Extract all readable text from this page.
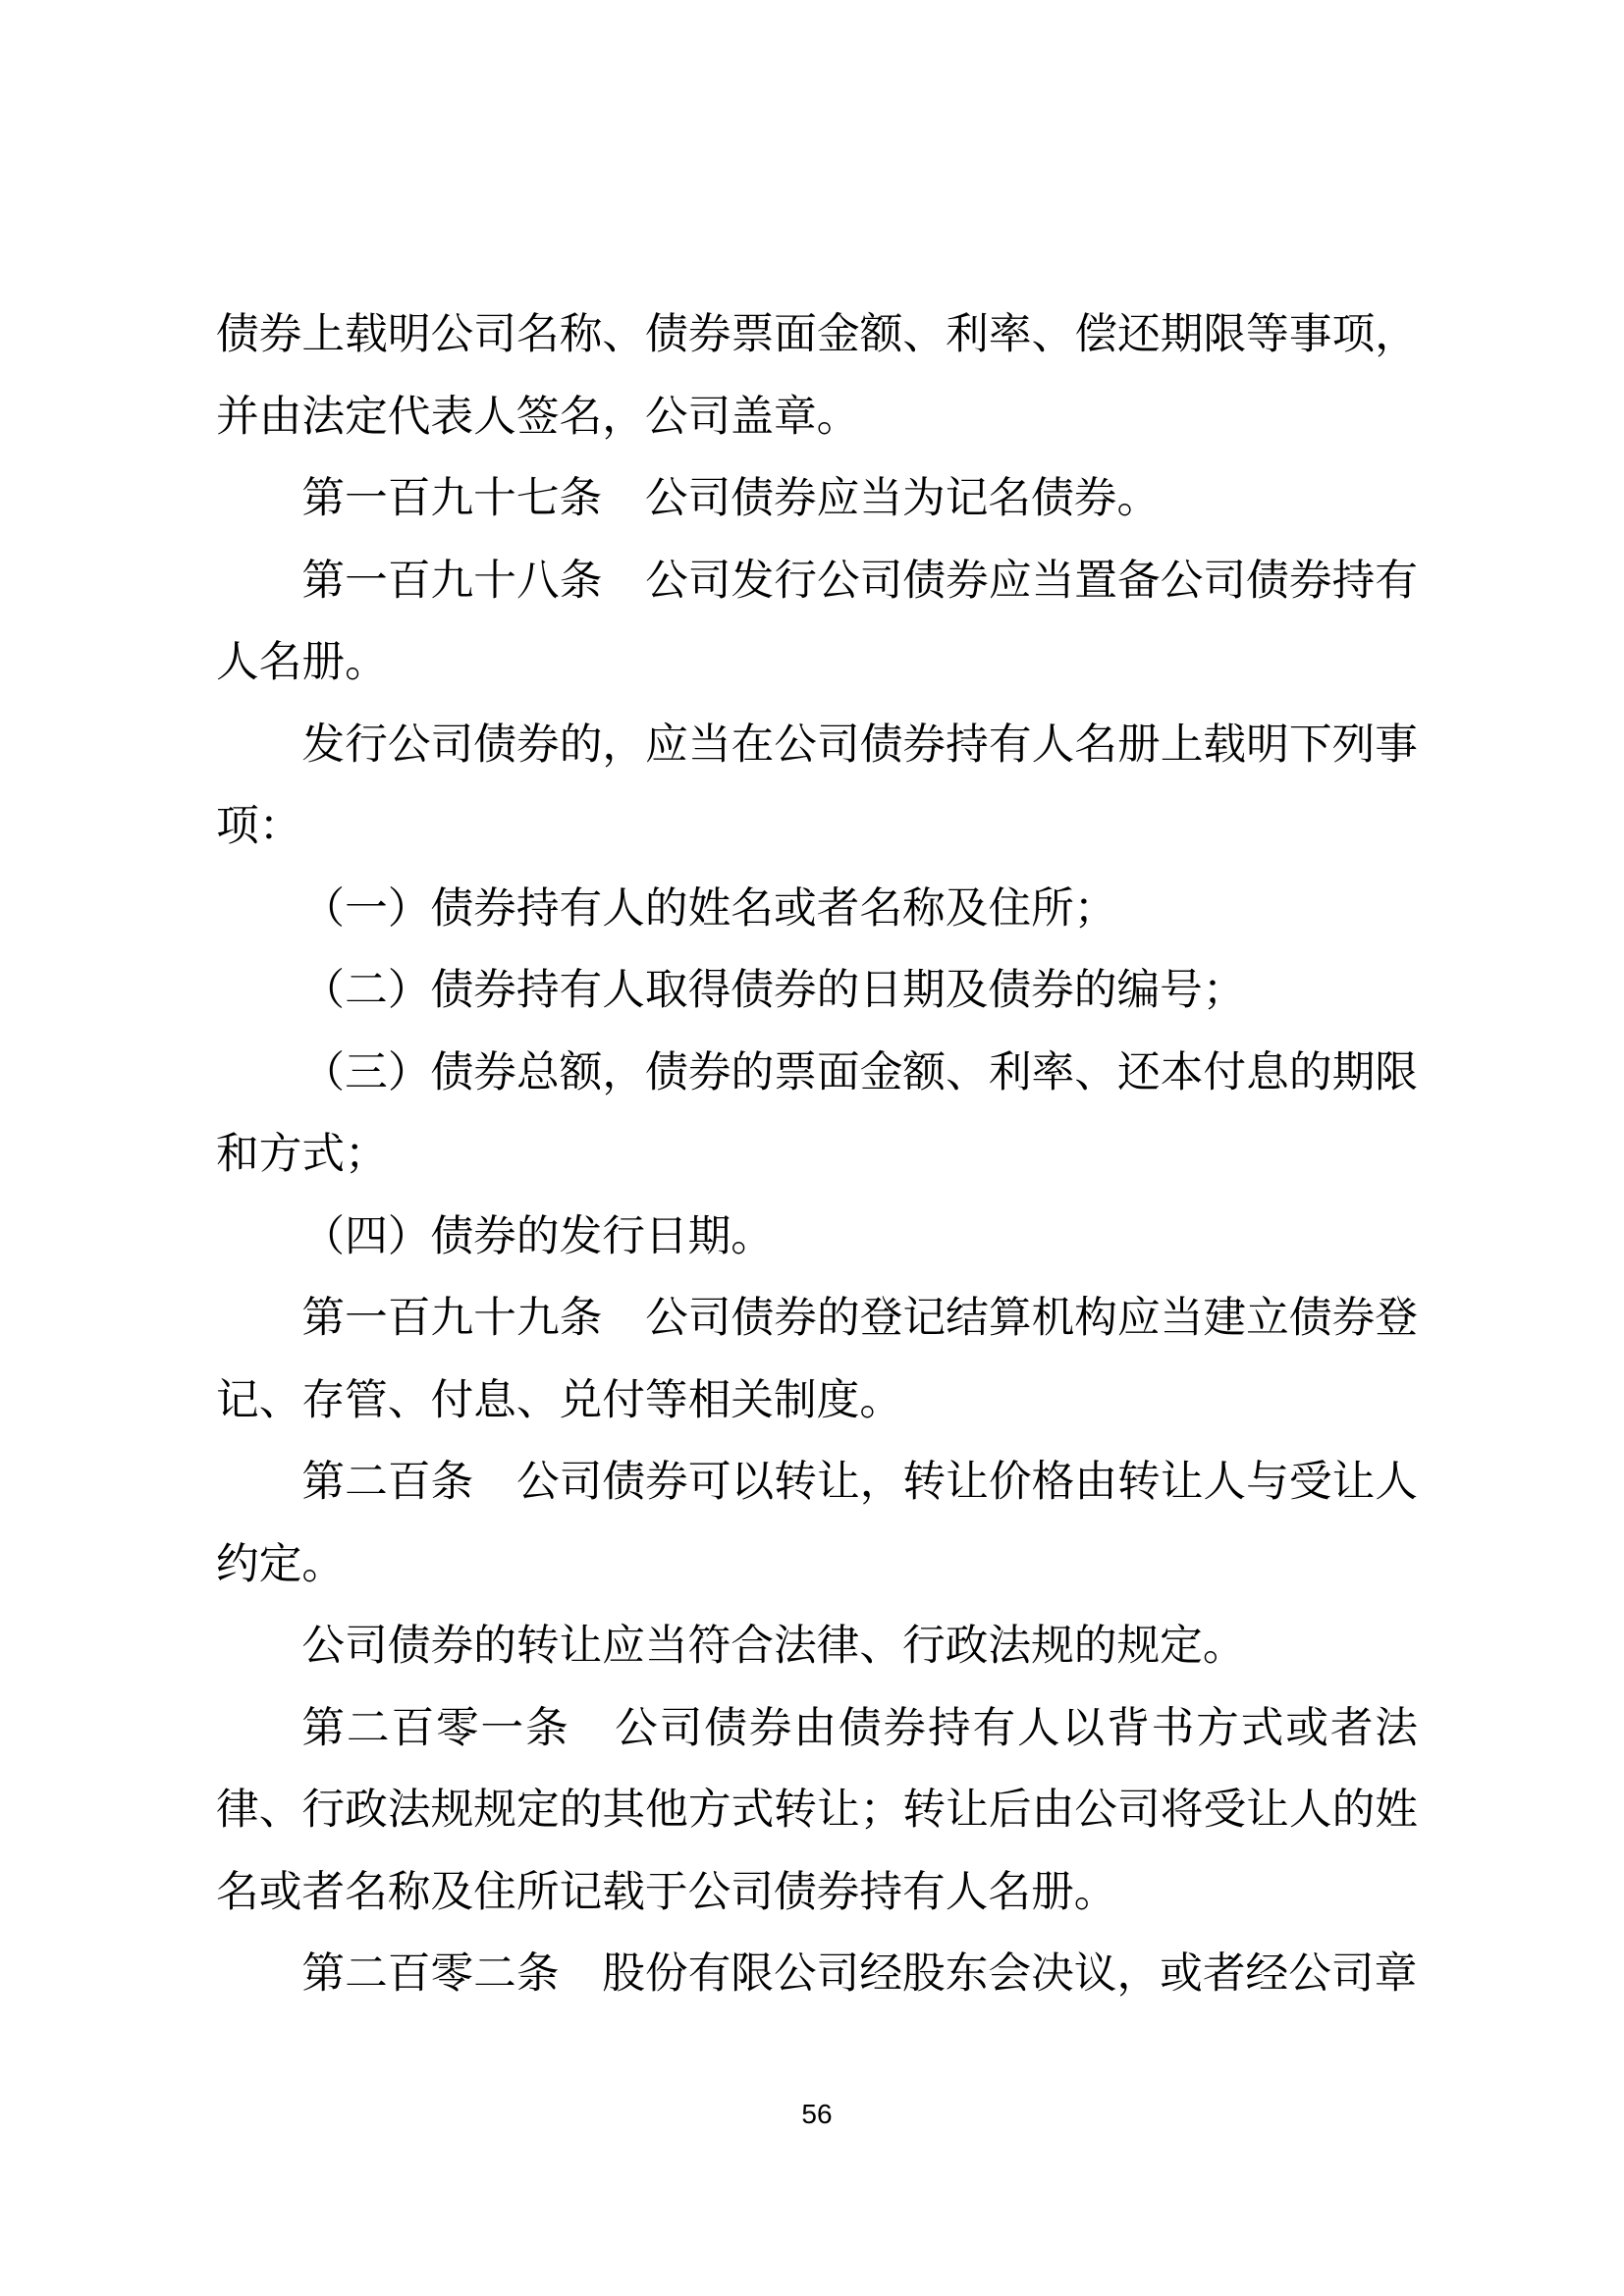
债券上载明公司名称、债券票面金额、利率、偿还期限等事项，并由法定代表人签名，公司盖章。

第一百九十七条　公司债券应当为记名债券。

第一百九十八条　公司发行公司债券应当置备公司债券持有人名册。

发行公司债券的，应当在公司债券持有人名册上载明下列事项：

（一）债券持有人的姓名或者名称及住所；

（二）债券持有人取得债券的日期及债券的编号；

（三）债券总额，债券的票面金额、利率、还本付息的期限和方式；

（四）债券的发行日期。

第一百九十九条　公司债券的登记结算机构应当建立债券登记、存管、付息、兑付等相关制度。

第二百条　公司债券可以转让，转让价格由转让人与受让人约定。

公司债券的转让应当符合法律、行政法规的规定。

第二百零一条　公司债券由债券持有人以背书方式或者法律、行政法规规定的其他方式转让；转让后由公司将受让人的姓名或者名称及住所记载于公司债券持有人名册。

第二百零二条　股份有限公司经股东会决议，或者经公司章

56
